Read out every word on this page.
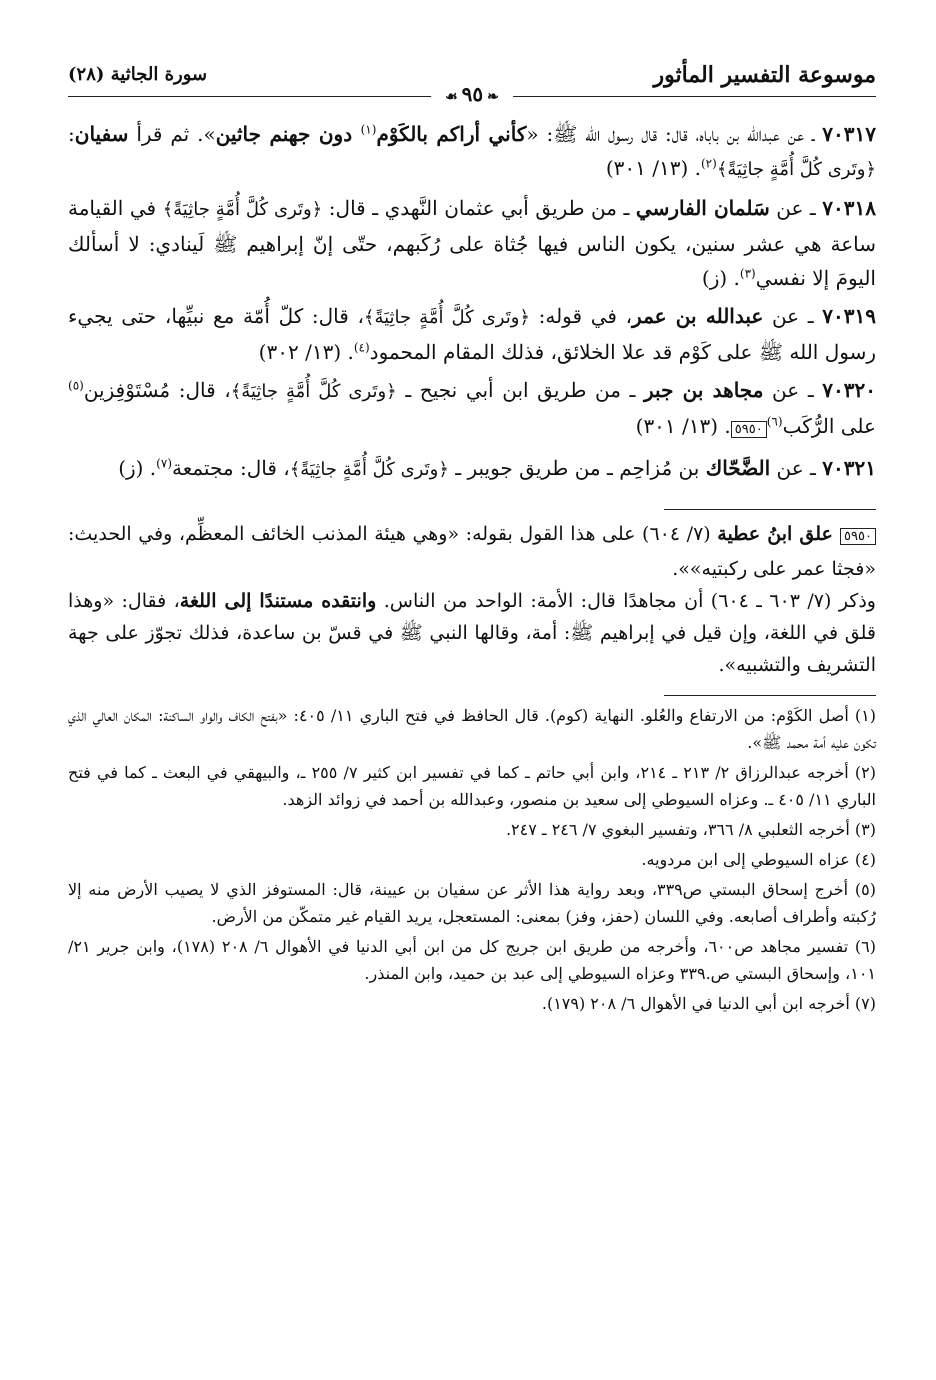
موسوعة التفسير المأثور
❧٩٥☙
سورة الجاثية (٢٨)

٧٠٣١٧ ـ عن عبدالله بن باباه، قال: قال رسول الله ﷺ: «كأني أراكم بالكَوْم$^{(١)}$ دون جهنم جاثين». ثم قرأ سفيان: ﴿وتَرى كُلَّ أُمَّةٍ جاثِيَةً﴾$^{(٢)}$. (١٣/ ٣٠١)

٧٠٣١٨ ـ عن سَلمان الفارسي ـ من طريق أبي عثمان النَّهدي ـ قال: ﴿وتَرى كُلَّ أُمَّةٍ جاثِيَةً﴾ في القيامة ساعة هي عشر سنين، يكون الناس فيها جُثاة على رُكَبهم، حتّى إنّ إبراهيم ﷺ لَينادي: لا أسألك اليومَ إلا نفسي$^{(٣)}$. (ز)

٧٠٣١٩ ـ عن عبدالله بن عمر، في قوله: ﴿وتَرى كُلَّ أُمَّةٍ جاثِيَةً﴾، قال: كلّ أُمّة مع نبيِّها، حتى يجيء رسول الله ﷺ على كَوْم قد علا الخلائق، فذلك المقام المحمود$^{(٤)}$. (١٣/ ٣٠٢)

٧٠٣٢٠ ـ عن مجاهد بن جبر ـ من طريق ابن أبي نجيح ـ ﴿وتَرى كُلَّ أُمَّةٍ جاثِيَةً﴾، قال: مُسْتَوْفِزين$^{(٥)}$ على الرُّكَب$^{(٦)}$٥٩٥٠. (١٣/ ٣٠١)

٧٠٣٢١ ـ عن الضَّحّاك بن مُزاحِم ـ من طريق جويبر ـ ﴿وتَرى كُلَّ أُمَّةٍ جاثِيَةً﴾، قال: مجتمعة$^{(٧)}$. (ز)

٥٩٥٠ علق ابنُ عطية (٧/ ٦٠٤) على هذا القول بقوله: «وهي هيئة المذنب الخائف المعظِّم، وفي الحديث: «فجثا عمر على ركبتيه»».

وذكر (٧/ ٦٠٣ ـ ٦٠٤) أن مجاهدًا قال: الأمة: الواحد من الناس. وانتقده مستندًا إلى اللغة، فقال: «وهذا قلق في اللغة، وإن قيل في إبراهيم ﷺ: أمة، وقالها النبي ﷺ في قسّ بن ساعدة، فذلك تجوّز على جهة التشريف والتشبيه».

(١) أصل الكَوْم: من الارتفاع والعُلو. النهاية (كوم). قال الحافظ في فتح الباري ١١/ ٤٠٥: «بفتح الكاف والواو الساكنة: المكان العالي الذي تكون عليه أمة محمد ﷺ».

(٢) أخرجه عبدالرزاق ٢/ ٢١٣ ـ ٢١٤، وابن أبي حاتم ـ كما في تفسير ابن كثير ٧/ ٢٥٥ ـ، والبيهقي في البعث ـ كما في فتح الباري ١١/ ٤٠٥ ـ. وعزاه السيوطي إلى سعيد بن منصور، وعبدالله بن أحمد في زوائد الزهد.

(٣) أخرجه الثعلبي ٨/ ٣٦٦، وتفسير البغوي ٧/ ٢٤٦ ـ ٢٤٧.

(٤) عزاه السيوطي إلى ابن مردويه.

(٥) أخرج إسحاق البستي ص٣٣٩، وبعد رواية هذا الأثر عن سفيان بن عيينة، قال: المستوفز الذي لا يصيب الأرض منه إلا رُكبته وأطراف أصابعه. وفي اللسان (حفز، وفز) بمعنى: المستعجل، يريد القيام غير متمكّن من الأرض.

(٦) تفسير مجاهد ص٦٠٠، وأخرجه من طريق ابن جريج كل من ابن أبي الدنيا في الأهوال ٦/ ٢٠٨ (١٧٨)، وابن جرير ٢١/ ١٠١، وإسحاق البستي ص.٣٣٩ وعزاه السيوطي إلى عبد بن حميد، وابن المنذر.

(٧) أخرجه ابن أبي الدنيا في الأهوال ٦/ ٢٠٨ (١٧٩).
